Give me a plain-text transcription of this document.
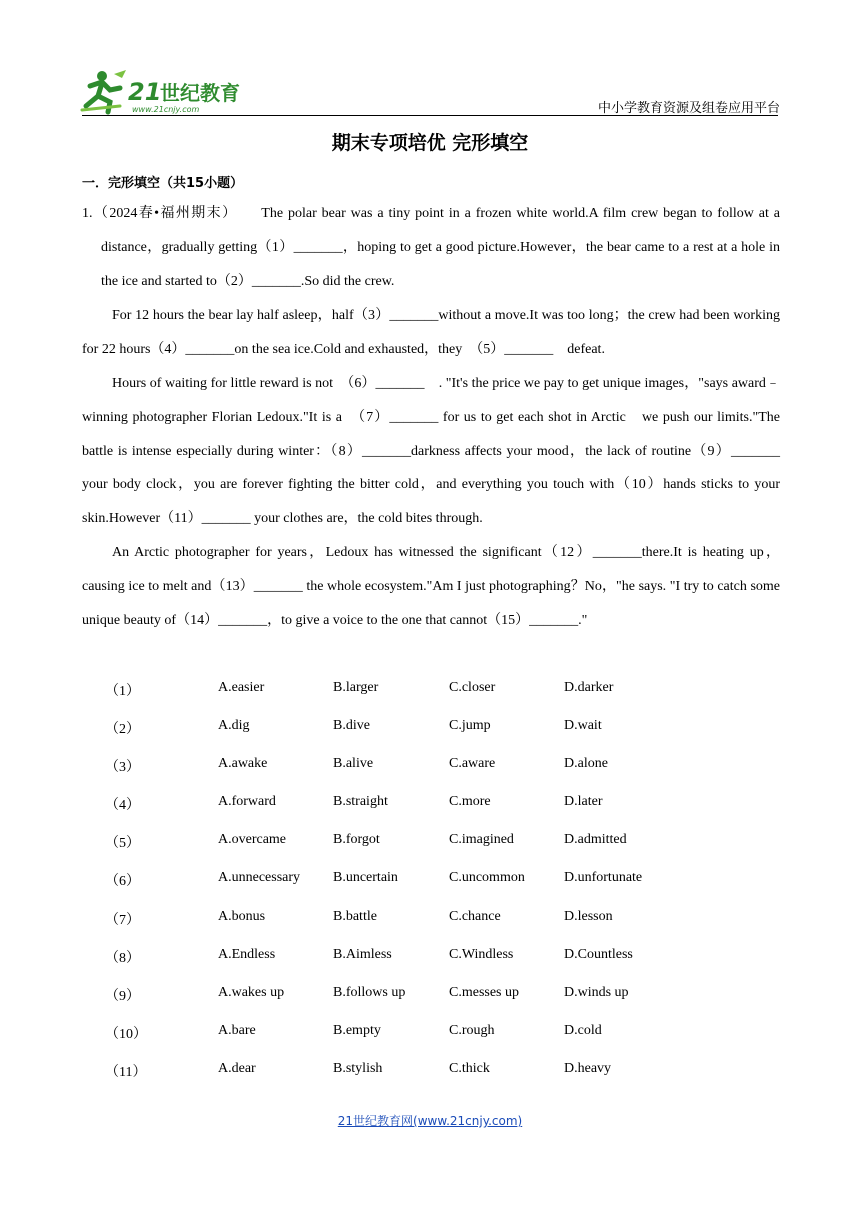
21
世纪教育
www.21cnjy.com	中小学教育资源及组卷应用平台
期末专项培优 完形填空
一．完形填空（共15小题）
1.（2024春•福州期末）　　The polar bear was a tiny point in a frozen white world.A film crew began to follow at a distance，gradually getting（1）_______，hoping to get a good picture.However，the bear came to a rest at a hole in the ice and started to（2）_______.So did the crew.
For 12 hours the bear lay half asleep，half（3）_______without a move.It was too long；the crew had been working for 22 hours（4）_______on the sea ice.Cold and exhausted，they　（5）_______　defeat.
Hours of waiting for little reward is not　（6）_______　. "It's the price we pay to get unique images，"says award﹣winning photographer Florian Ledoux."It is a　（7）_______ for us to get each shot in Arctic　we push our limits."The battle is intense especially during winter：（8）_______darkness affects your mood，the lack of routine（9）_______ your body clock，you are forever fighting the bitter cold，and everything you touch with（10）hands sticks to your skin.However（11）_______ your clothes are，the cold bites through.
An Arctic photographer for years，Ledoux has witnessed the significant（12）_______there.It is heating up，causing ice to melt and（13）_______ the whole ecosystem."Am I just photographing？No，"he says. "I try to catch some unique beauty of（14）_______，to give a voice to the one that cannot（15）_______."
（1）	A.easier	B.larger	C.closer	D.darker
（2）	A.dig	B.dive	C.jump	D.wait
（3）	A.awake	B.alive	C.aware	D.alone
（4）	A.forward	B.straight	C.more	D.later
（5）	A.overcame	B.forgot	C.imagined	D.admitted
（6）	A.unnecessary B.uncertain	C.uncommon	D.unfortunate
（7）	A.bonus	B.battle	C.chance	D.lesson
（8）	A.Endless	B.Aimless	C.Windless	D.Countless
（9）	A.wakes up	B.follows up	C.messes up	D.winds up
（10）	A.bare	B.empty	C.rough	D.cold
（11）	A.dear	B.stylish	C.thick	D.heavy
21世纪教育网(www.21cnjy.com)
